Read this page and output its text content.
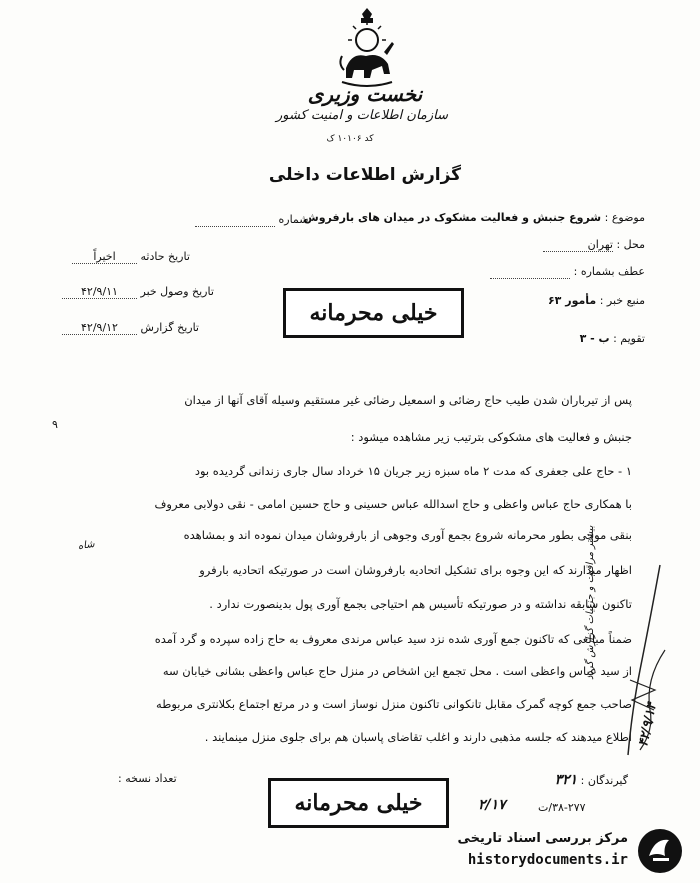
نخست وزیری
سازمان اطلاعات و امنیت کشور
کد ۱۰۱۰۶ ک
گزارش اطلاعات داخلی
موضوع : شروع جنبش و فعالیت مشکوک در میدان های بارفروش
محل : تهران
عطف بشماره :
منبع خبر : مأمور ۶۳
تقویم : ب - ۳
شماره
تاریخ حادثه اخیراً
تاریخ وصول خبر ۴۲/۹/۱۱
تاریخ گزارش ۴۲/۹/۱۲
خیلی محرمانه
۹
پس از تیرباران شدن طیب حاج رضائی و اسمعیل رضائی غیر مستقیم وسیله آقای آنها از میدان
جنبش و فعالیت های مشکوکی بترتیب زیر مشاهده میشود :
۱ - حاج علی جعفری که مدت ۲ ماه سبزه زیر جریان ۱۵ خرداد سال جاری زندانی گردیده بود
با همکاری حاج عباس واعظی و حاج اسدالله عباس حسینی و حاج حسین امامی - نقی دولابی معروف
بنقی موچی بطور محرمانه شروع بجمع آوری وجوهی از بارفروشان میدان نموده اند و بمشاهده
اظهار میدارند که این وجوه برای تشکیل اتحادیه بارفروشان است در صورتیکه اتحادیه بارفرو
تاکنون سابقه نداشته و در صورتیکه تأسیس هم احتیاجی بجمع آوری پول بدینصورت ندارد .
ضمناً مبالغی که تاکنون جمع آوری شده نزد سید عباس مرندی معروف به حاج زاده سپرده و گرد آمده
از سید عباس واعظی است . محل تجمع این اشخاص در منزل حاج عباس واعظی بشانی خیابان سه
صاحب جمع کوچه گمرک مقابل تانکوانی تاکنون منزل نوساز است و در مرتع اجتماع بکلانتری مربوطه
اطلاع میدهند که جلسه مذهبی دارند و اغلب تقاضای پاسبان هم برای جلوی منزل مینمایند .
شاه	بیشتر مراقبت و جزئیات گزارش گردد
۴۲/۹/۱۴
گیرندگان : ۳۲۱
تعداد نسخه :
خیلی محرمانه	۲/۱۷	۳۸-۲۷۷/ت
مرکز بررسی اسناد تاریخی
historydocuments.ir
